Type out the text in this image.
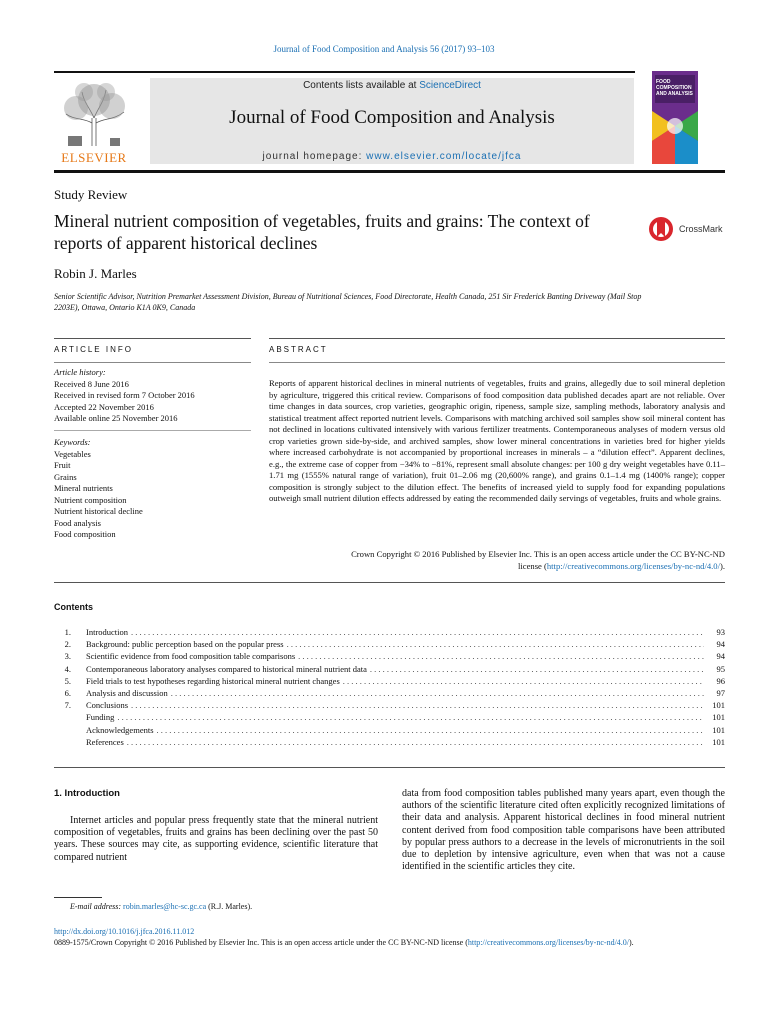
Journal of Food Composition and Analysis 56 (2017) 93–103
ELSEVIER
Contents lists available at ScienceDirect
Journal of Food Composition and Analysis
journal homepage: www.elsevier.com/locate/jfca
FOOD COMPOSITION AND ANALYSIS
Study Review
Mineral nutrient composition of vegetables, fruits and grains: The context of reports of apparent historical declines
CrossMark
Robin J. Marles
Senior Scientific Advisor, Nutrition Premarket Assessment Division, Bureau of Nutritional Sciences, Food Directorate, Health Canada, 251 Sir Frederick Banting Driveway (Mail Stop 2203E), Ottawa, Ontario K1A 0K9, Canada
ARTICLE INFO	ABSTRACT
Article history:
Received 8 June 2016
Received in revised form 7 October 2016
Accepted 22 November 2016
Available online 25 November 2016
Keywords:
Vegetables
Fruit
Grains
Mineral nutrients
Nutrient composition
Nutrient historical decline
Food analysis
Food composition
Reports of apparent historical declines in mineral nutrients of vegetables, fruits and grains, allegedly due to soil mineral depletion by agriculture, triggered this critical review. Comparisons of food composition data published decades apart are not reliable. Over time changes in data sources, crop varieties, geographic origin, ripeness, sample size, sampling methods, laboratory analysis and statistical treatment affect reported nutrient levels. Comparisons with matching archived soil samples show soil mineral content has not declined in locations cultivated intensively with various fertilizer treatments. Contemporaneous analyses of modern versus old crop varieties grown side-by-side, and archived samples, show lower mineral concentrations in varieties bred for higher yields where increased carbohydrate is not accompanied by proportional increases in minerals – a “dilution effect”. Apparent declines, e.g., the extreme case of copper from −34% to −81%, represent small absolute changes: per 100 g dry weight vegetables have 0.11–1.71 mg (1555% natural range of variation), fruit 01–2.06 mg (20,600% range), and grains 0.1–1.4 mg (1400% range); copper composition is strongly subject to the dilution effect. The benefits of increased yield to supply food for expanding populations outweigh small nutrient dilution effects addressed by eating the recommended daily servings of vegetables, fruits and whole grains.
Crown Copyright © 2016 Published by Elsevier Inc. This is an open access article under the CC BY-NC-ND
license (http://creativecommons.org/licenses/by-nc-nd/4.0/).
Contents
1. Introduction . . .	93
2. Background: public perception based on the popular press . . .	94
3. Scientific evidence from food composition table comparisons . . .	94
4. Contemporaneous laboratory analyses compared to historical mineral nutrient data . . .	95
5. Field trials to test hypotheses regarding historical mineral nutrient changes . . .	96
6. Analysis and discussion . . .	97
7. Conclusions . . .	101
Funding . . .	101
Acknowledgements . . .	101
References . . .	101
1. Introduction
Internet articles and popular press frequently state that the mineral nutrient composition of vegetables, fruits and grains has been declining over the past 50 years. These sources may cite, as supporting evidence, scientific literature that compared nutrient
data from food composition tables published many years apart, even though the authors of the scientific literature cited often explicitly recognized limitations of their data and analysis. Apparent historical declines in food mineral nutrient content derived from food composition table comparisons have been attributed by popular press authors to a decrease in the levels of micronutrients in the soil due to depletion by intensive agriculture, even when that was not a cause identified in the scientific articles they cite.
E-mail address: robin.marles@hc-sc.gc.ca (R.J. Marles).
http://dx.doi.org/10.1016/j.jfca.2016.11.012
0889-1575/Crown Copyright © 2016 Published by Elsevier Inc. This is an open access article under the CC BY-NC-ND license (http://creativecommons.org/licenses/by-nc-nd/4.0/).
